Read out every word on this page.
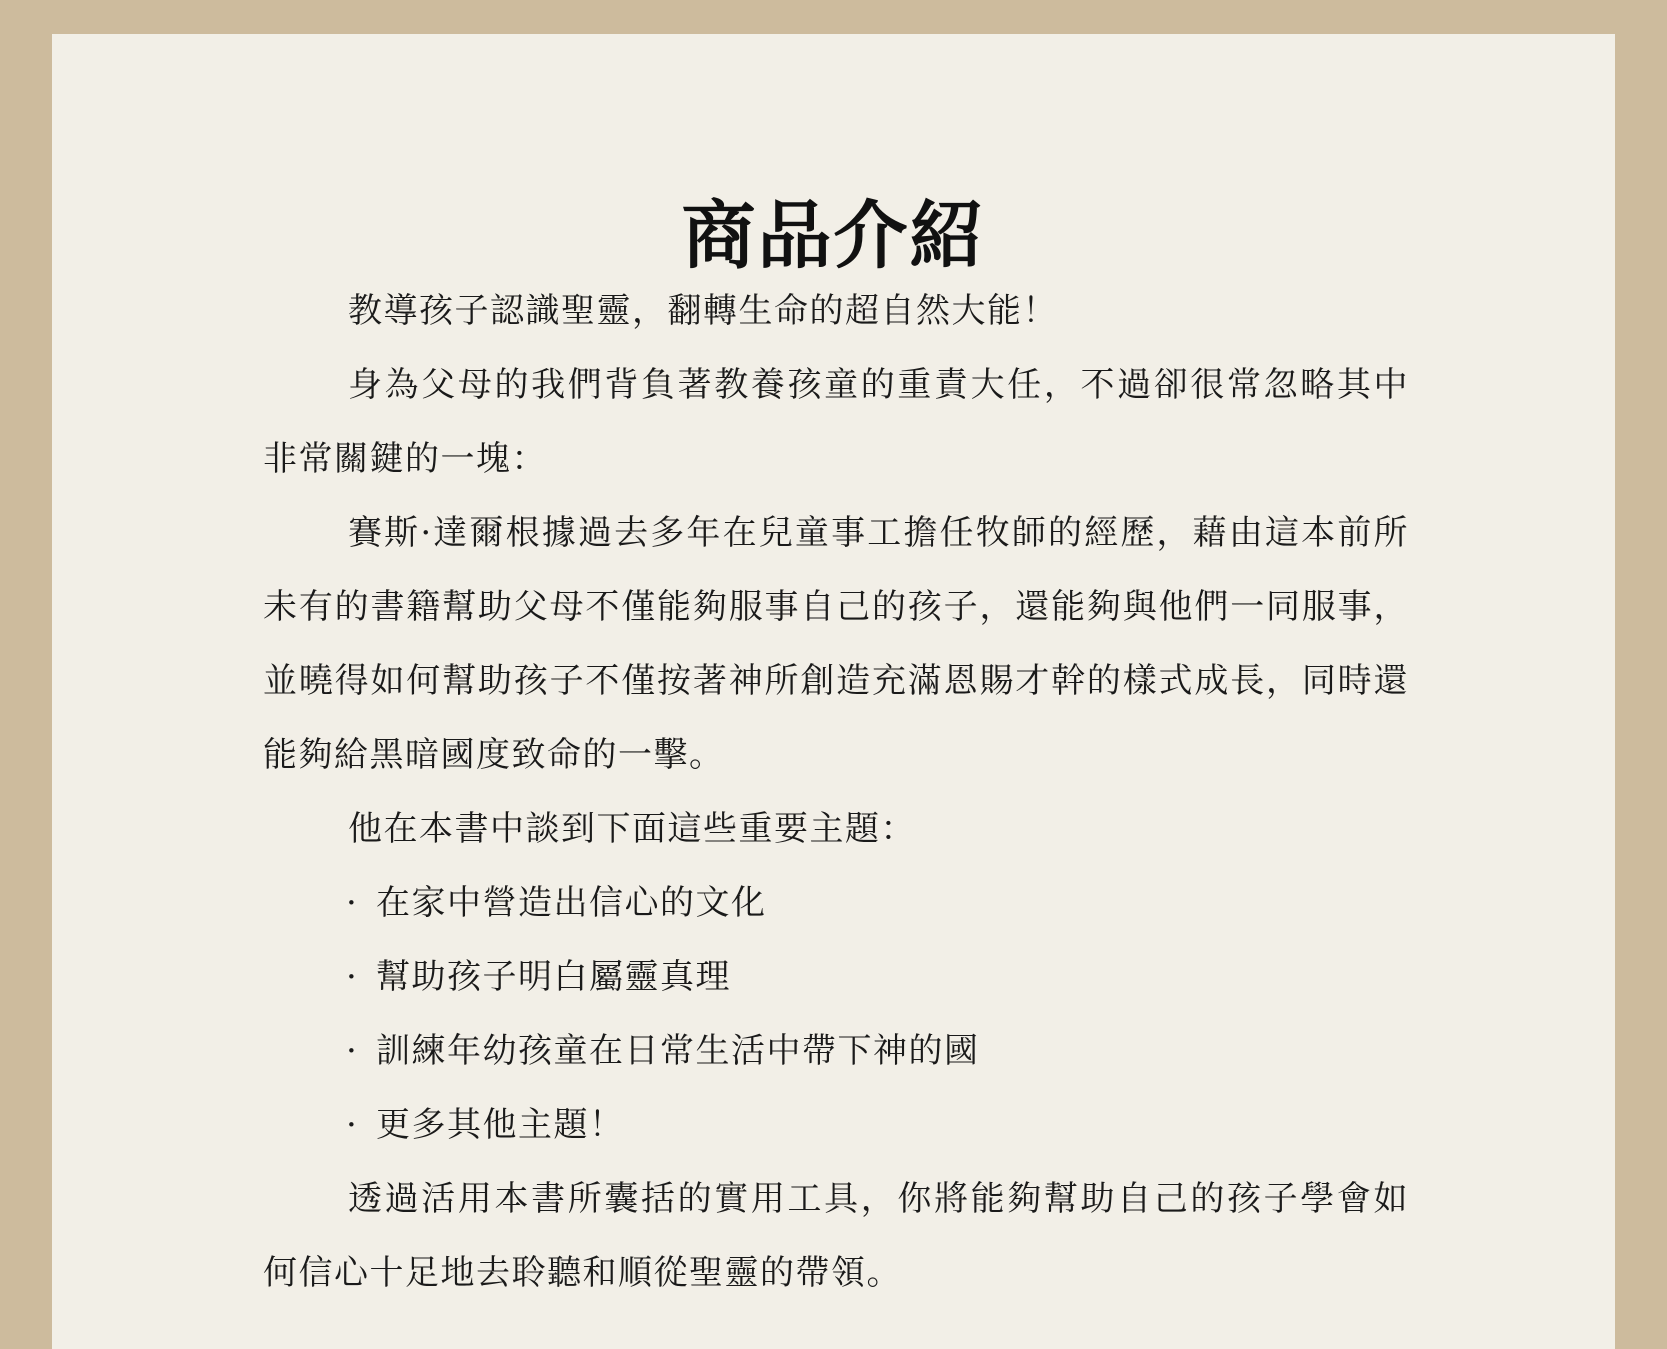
商品介紹

教導孩子認識聖靈，翻轉生命的超自然大能！

身為父母的我們背負著教養孩童的重責大任，不過卻很常忽略其中非常關鍵的一塊：

賽斯·達爾根據過去多年在兒童事工擔任牧師的經歷，藉由這本前所未有的書籍幫助父母不僅能夠服事自己的孩子，還能夠與他們一同服事，並曉得如何幫助孩子不僅按著神所創造充滿恩賜才幹的樣式成長，同時還能夠給黑暗國度致命的一擊。

他在本書中談到下面這些重要主題：

· 在家中營造出信心的文化
· 幫助孩子明白屬靈真理
· 訓練年幼孩童在日常生活中帶下神的國
· 更多其他主題！

透過活用本書所囊括的實用工具，你將能夠幫助自己的孩子學會如何信心十足地去聆聽和順從聖靈的帶領。
